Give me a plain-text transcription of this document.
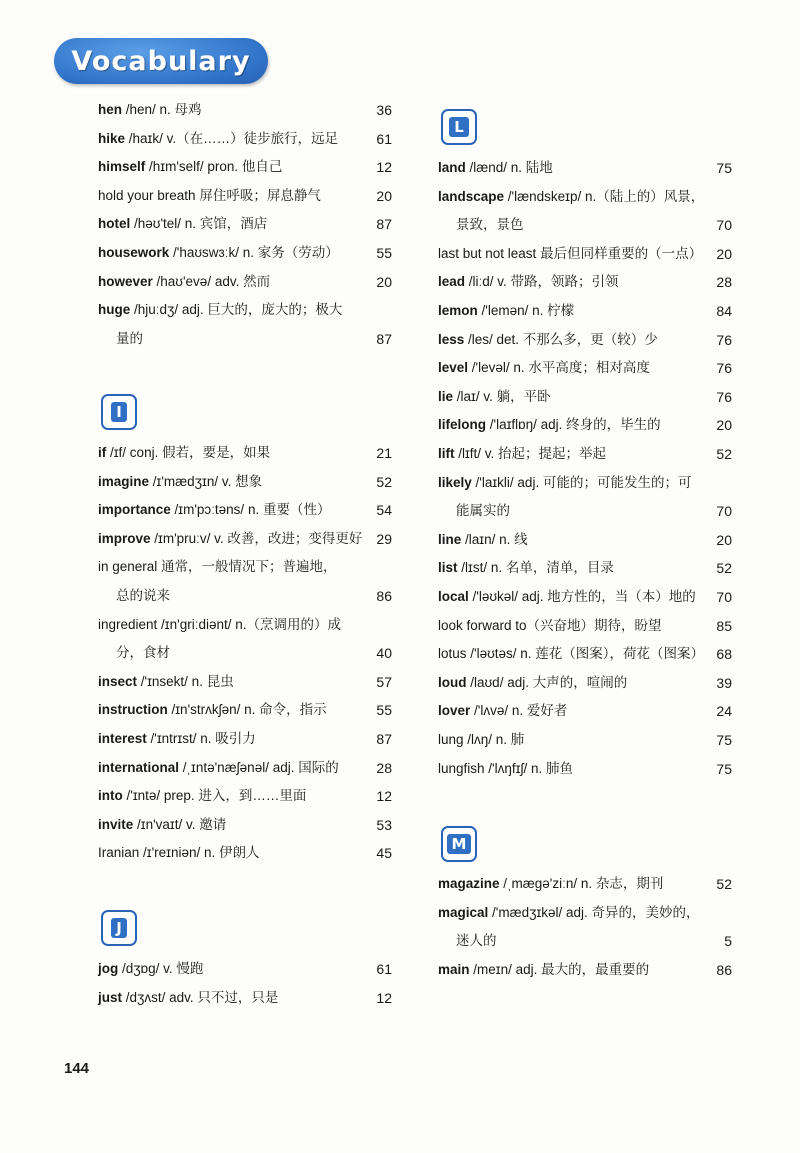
Vocabulary
hen /hen/ n. 母鸡	36
hike /haɪk/ v.（在……）徒步旅行，远足	61
himself /hɪm'self/ pron. 他自己	12
hold your breath 屏住呼吸；屏息静气	20
hotel /həʊ'tel/ n. 宾馆，酒店	87
housework /'haʊswɜːk/ n. 家务（劳动）	55
however /haʊ'evə/ adv. 然而	20
huge /hjuːdʒ/ adj. 巨大的，庞大的；极大
量的	87
I
if /ɪf/ conj. 假若，要是，如果	21
imagine /ɪ'mædʒɪn/ v. 想象	52
importance /ɪm'pɔːtəns/ n. 重要（性）	54
improve /ɪm'pruːv/ v. 改善，改进；变得更好 29
in general 通常，一般情况下；普遍地，
总的说来	86
ingredient /ɪn'griːdiənt/ n.（烹调用的）成
分，食材	40
insect /'ɪnsekt/ n. 昆虫	57
instruction /ɪn'strʌkʃən/ n. 命令，指示	55
interest /'ɪntrɪst/ n. 吸引力	87
international /ˌɪntə'næʃənəl/ adj. 国际的	28
into /'ɪntə/ prep. 进入，到……里面	12
invite /ɪn'vaɪt/ v. 邀请	53
Iranian /ɪ'reɪniən/ n. 伊朗人	45
J
jog /dʒɒg/ v. 慢跑	61
just /dʒʌst/ adv. 只不过，只是	12
L
land /lænd/ n. 陆地	75
landscape /'lændskeɪp/ n.（陆上的）风景，
景致，景色	70
last but not least 最后但同样重要的（一点）	20
lead /liːd/ v. 带路，领路；引领	28
lemon /'lemən/ n. 柠檬	84
less /les/ det. 不那么多，更（较）少	76
level /'levəl/ n. 水平高度；相对高度	76
lie /laɪ/ v. 躺，平卧	76
lifelong /'laɪflɒŋ/ adj. 终身的，毕生的	20
lift /lɪft/ v. 抬起；提起；举起	52
likely /'laɪkli/ adj. 可能的；可能发生的；可
能属实的	70
line /laɪn/ n. 线	20
list /lɪst/ n. 名单，清单，目录	52
local /'ləʊkəl/ adj. 地方性的，当（本）地的	70
look forward to（兴奋地）期待，盼望	85
lotus /'ləʊtəs/ n. 莲花（图案），荷花（图案） 68
loud /laʊd/ adj. 大声的，喧闹的	39
lover /'lʌvə/ n. 爱好者	24
lung /lʌŋ/ n. 肺	75
lungfish /'lʌŋfɪʃ/ n. 肺鱼	75
M
magazine /ˌmægə'ziːn/ n. 杂志，期刊	52
magical /'mædʒɪkəl/ adj. 奇异的，美妙的，
迷人的	5
main /meɪn/ adj. 最大的，最重要的	86
144
